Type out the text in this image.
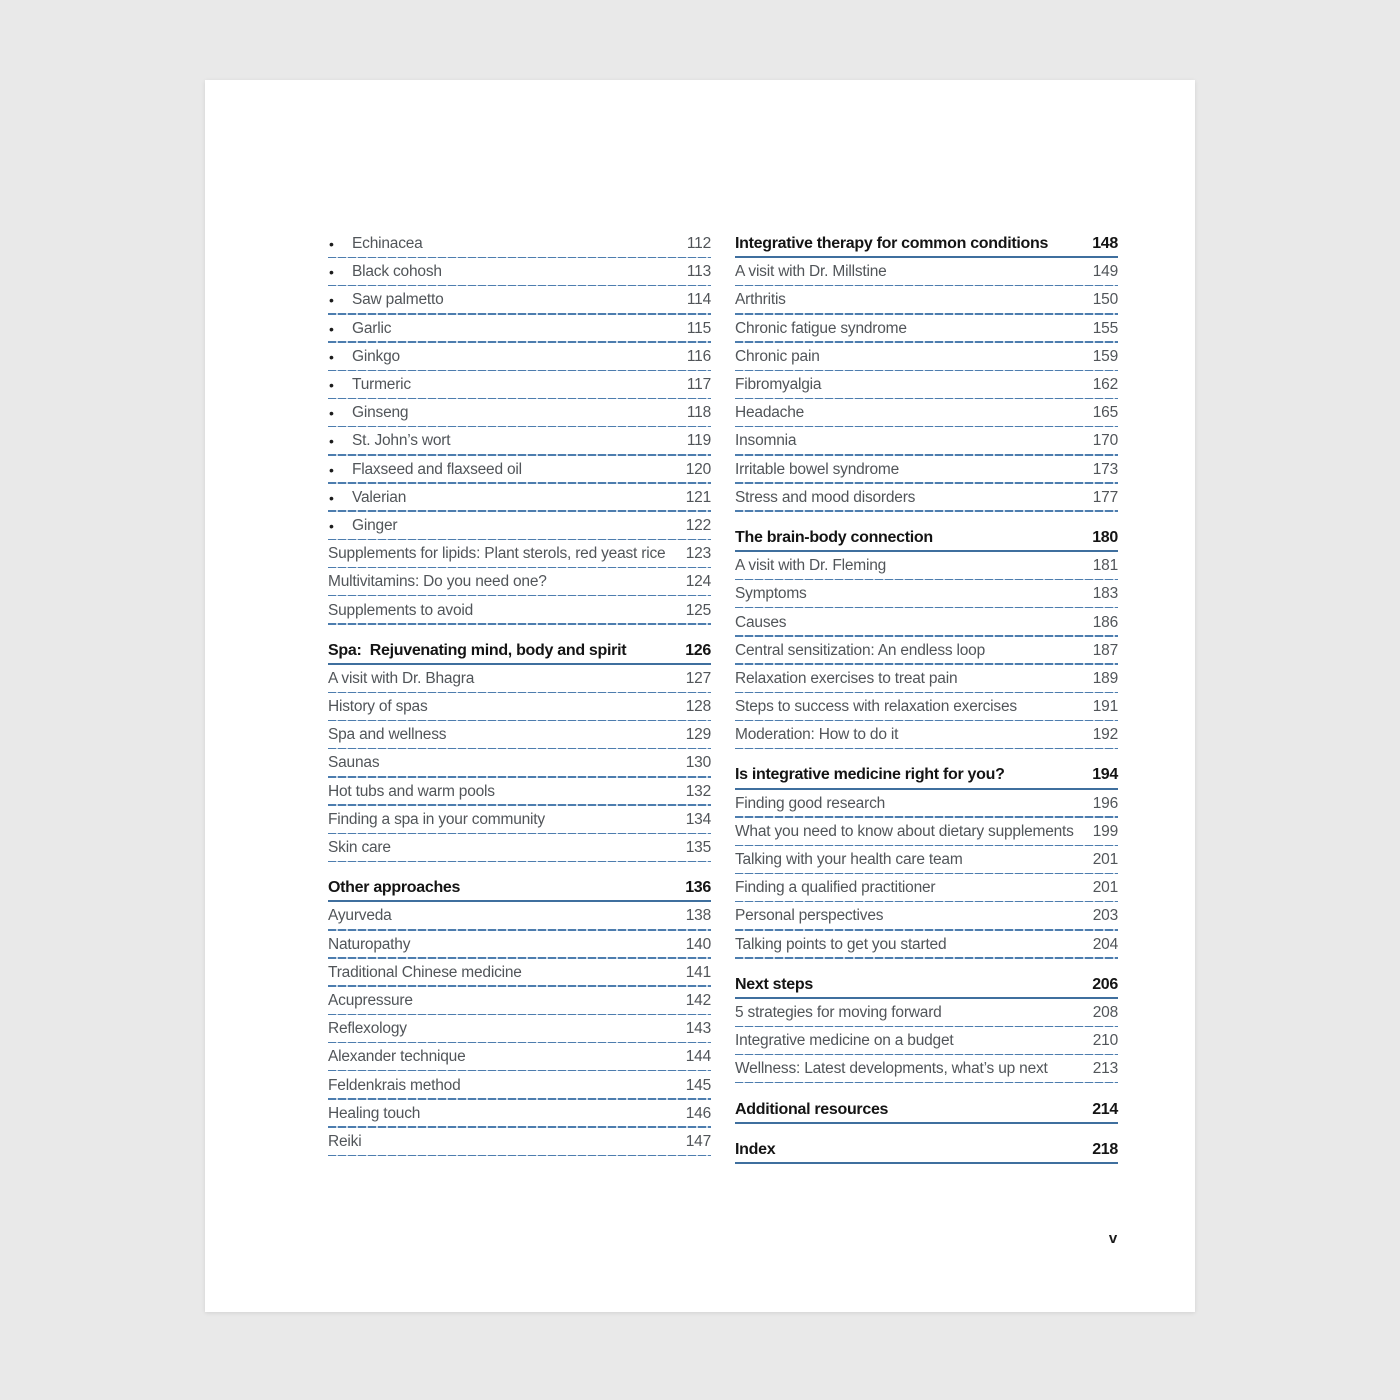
•	Echinacea	112
•	Black cohosh	113
•	Saw palmetto	114
•	Garlic	115
•	Ginkgo	116
•	Turmeric	117
•	Ginseng	118
•	St. John’s wort	119
•	Flaxseed and flaxseed oil	120
•	Valerian	121
•	Ginger	122
Supplements for lipids: Plant sterols, red yeast rice 123
Multivitamins: Do you need one?	124
Supplements to avoid	125
Spa:  Rejuvenating mind, body and spirit	126
A visit with Dr. Bhagra	127
History of spas	128
Spa and wellness	129
Saunas	130
Hot tubs and warm pools	132
Finding a spa in your community	134
Skin care	135
Other approaches	136
Ayurveda	138
Naturopathy	140
Traditional Chinese medicine	141
Acupressure	142
Reflexology	143
Alexander technique	144
Feldenkrais method	145
Healing touch	146
Reiki	147
Integrative therapy for common conditions	148
A visit with Dr. Millstine	149
Arthritis	150
Chronic fatigue syndrome	155
Chronic pain	159
Fibromyalgia	162
Headache	165
Insomnia	170
Irritable bowel syndrome	173
Stress and mood disorders	177
The brain-body connection	180
A visit with Dr. Fleming	181
Symptoms	183
Causes	186
Central sensitization: An endless loop	187
Relaxation exercises to treat pain	189
Steps to success with relaxation exercises	191
Moderation: How to do it	192
Is integrative medicine right for you?	194
Finding good research	196
What you need to know about dietary supplements 199
Talking with your health care team	201
Finding a qualified practitioner	201
Personal perspectives	203
Talking points to get you started	204
Next steps	206
5 strategies for moving forward	208
Integrative medicine on a budget	210
Wellness: Latest developments, what’s up next	213
Additional resources	214
Index	218
v
